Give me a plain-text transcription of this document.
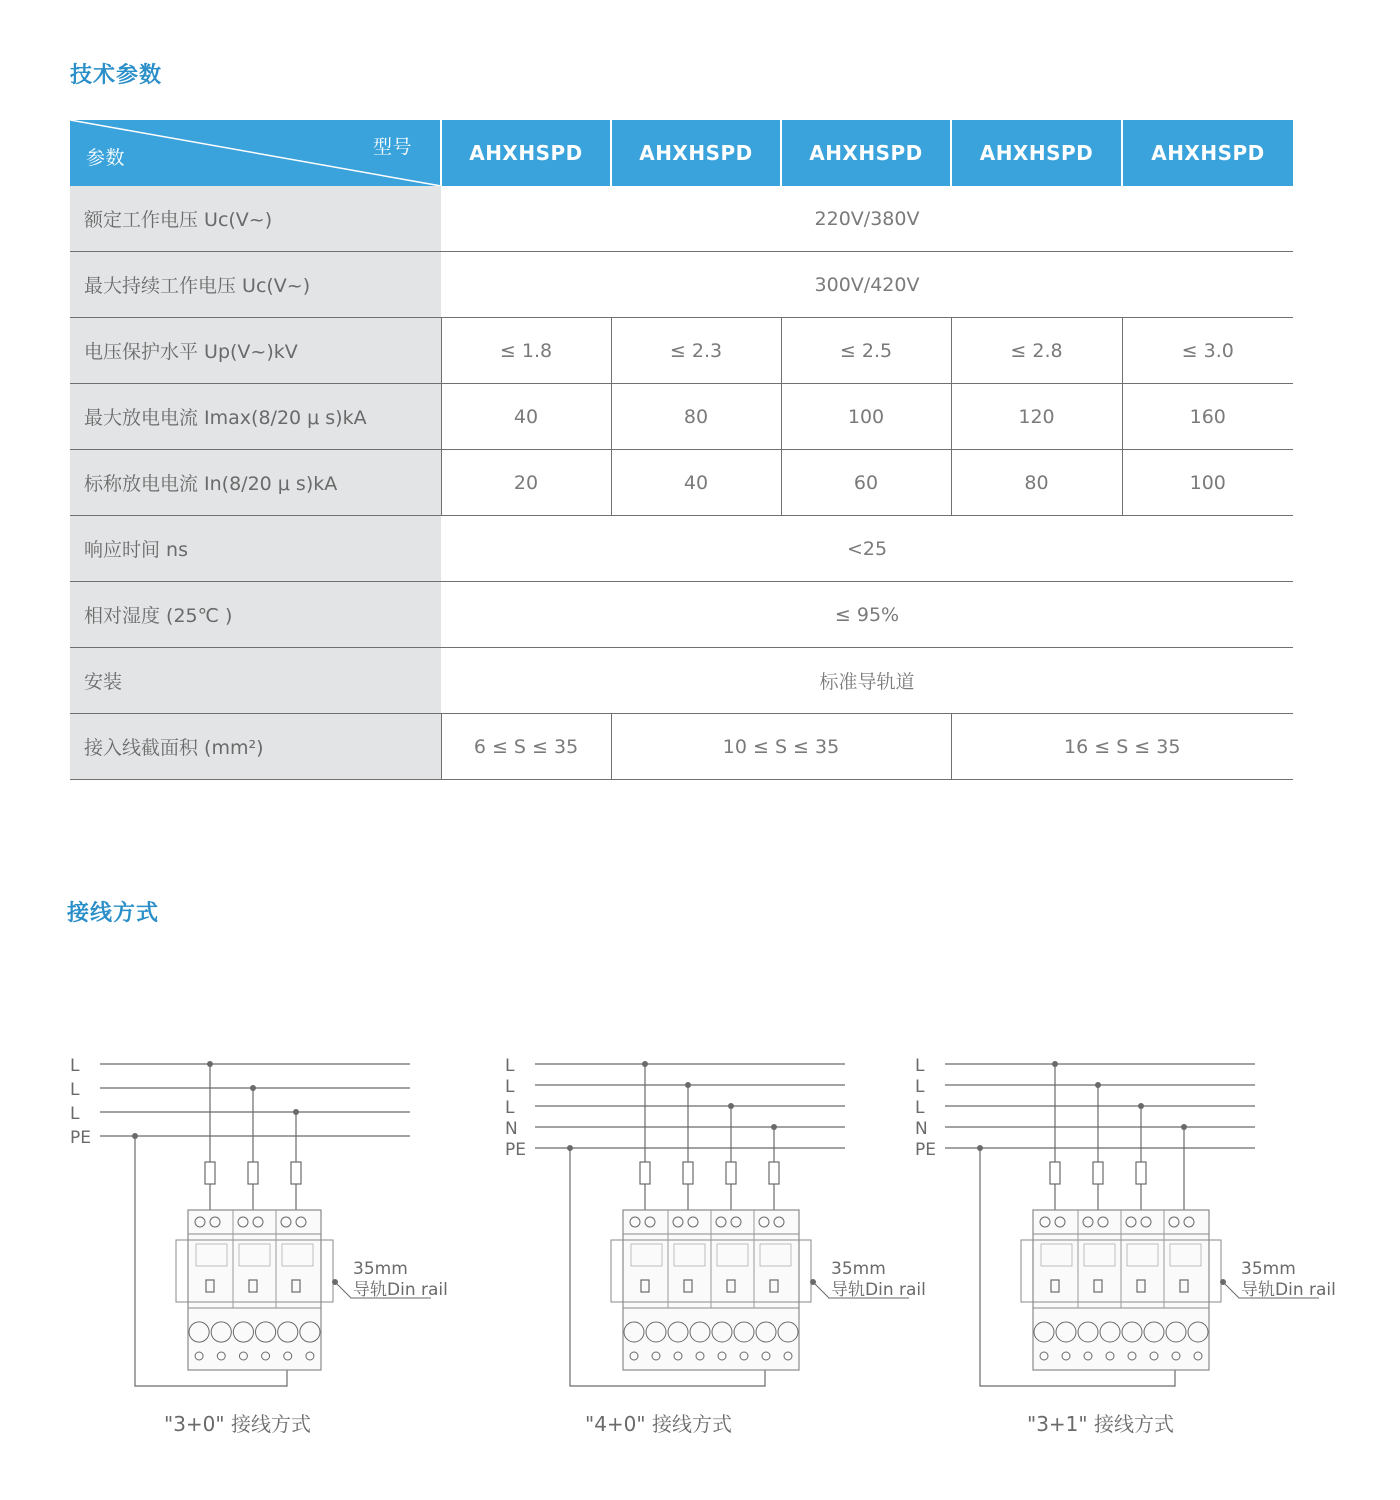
技术参数
参数 型号	AHXHSPD	AHXHSPD	AHXHSPD	AHXHSPD	AHXHSPD
额定工作电压 Uc(V~)	220V/380V				
最大持续工作电压 Uc(V~)	300V/420V				
电压保护水平 Up(V~)kV	≤ 1.8	≤ 2.3	≤ 2.5	≤ 2.8	≤ 3.0
最大放电电流 Imax(8/20 μ s)kA	40	80	100	120	160
标称放电电流 In(8/20 μ s)kA	20	40	60	80	100
响应时间 ns	<25				
相对湿度 (25℃ )	≤ 95%				
安装	标准导轨道				
接入线截面积 (mm²)	6 ≤ S ≤ 35	10 ≤ S ≤ 35		16 ≤ S ≤ 35	
接线方式
L
L
L
PE
35mm
导轨Din rail
"3+0" 接线方式
L
L
L
N
PE
35mm
导轨Din rail
"4+0" 接线方式
L
L
L
N
PE
35mm
导轨Din rail
"3+1" 接线方式
